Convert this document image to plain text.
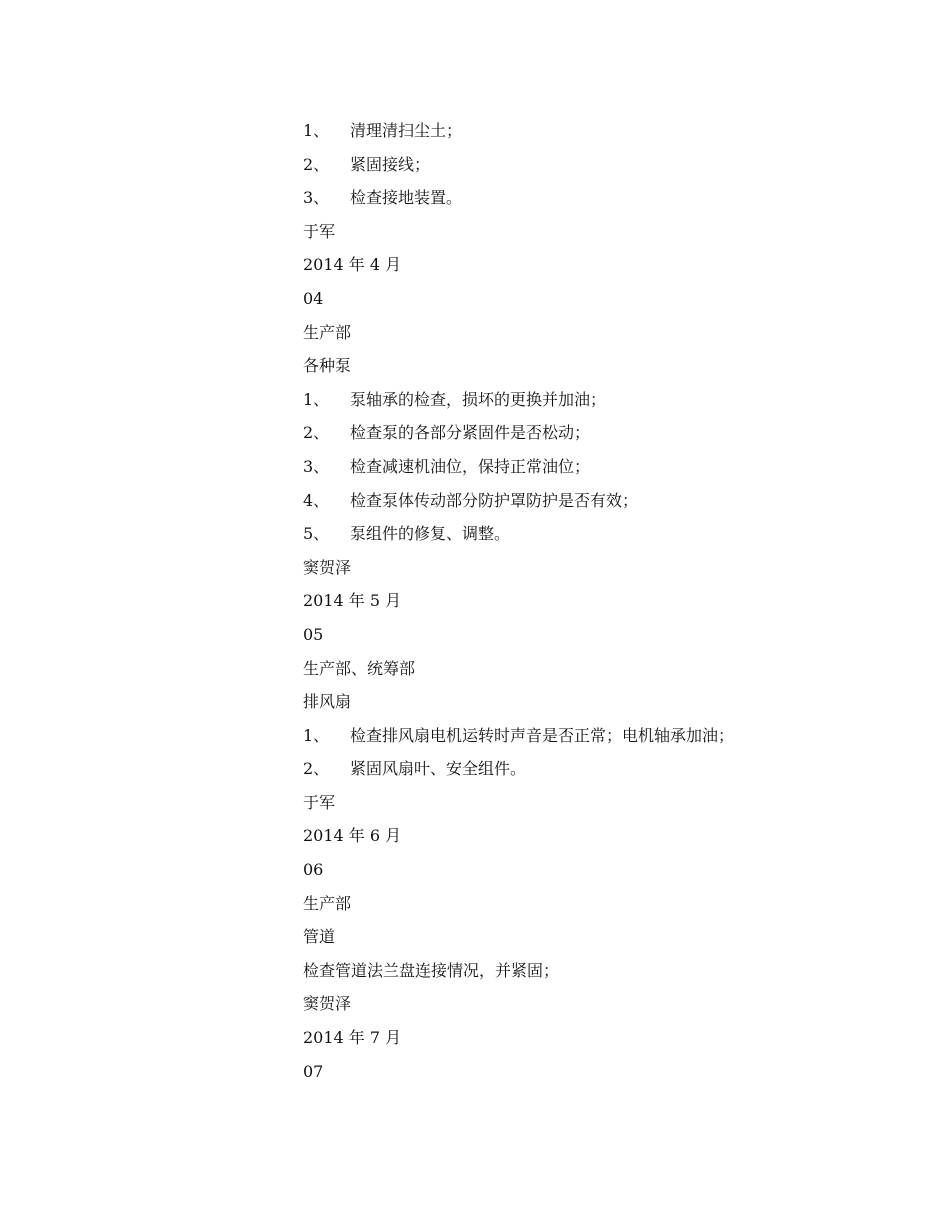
1、 清理清扫尘土；
2、 紧固接线；
3、 检查接地装置。
于军
2014 年 4 月
04
生产部
各种泵
1、 泵轴承的检查，损坏的更换并加油；
2、 检查泵的各部分紧固件是否松动；
3、 检查减速机油位，保持正常油位；
4、 检查泵体传动部分防护罩防护是否有效；
5、 泵组件的修复、调整。
窦贺泽
2014 年 5 月
05
生产部、统筹部
排风扇
1、 检查排风扇电机运转时声音是否正常；电机轴承加油；
2、 紧固风扇叶、安全组件。
于军
2014 年 6 月
06
生产部
管道
检查管道法兰盘连接情况，并紧固；
窦贺泽
2014 年 7 月
07
